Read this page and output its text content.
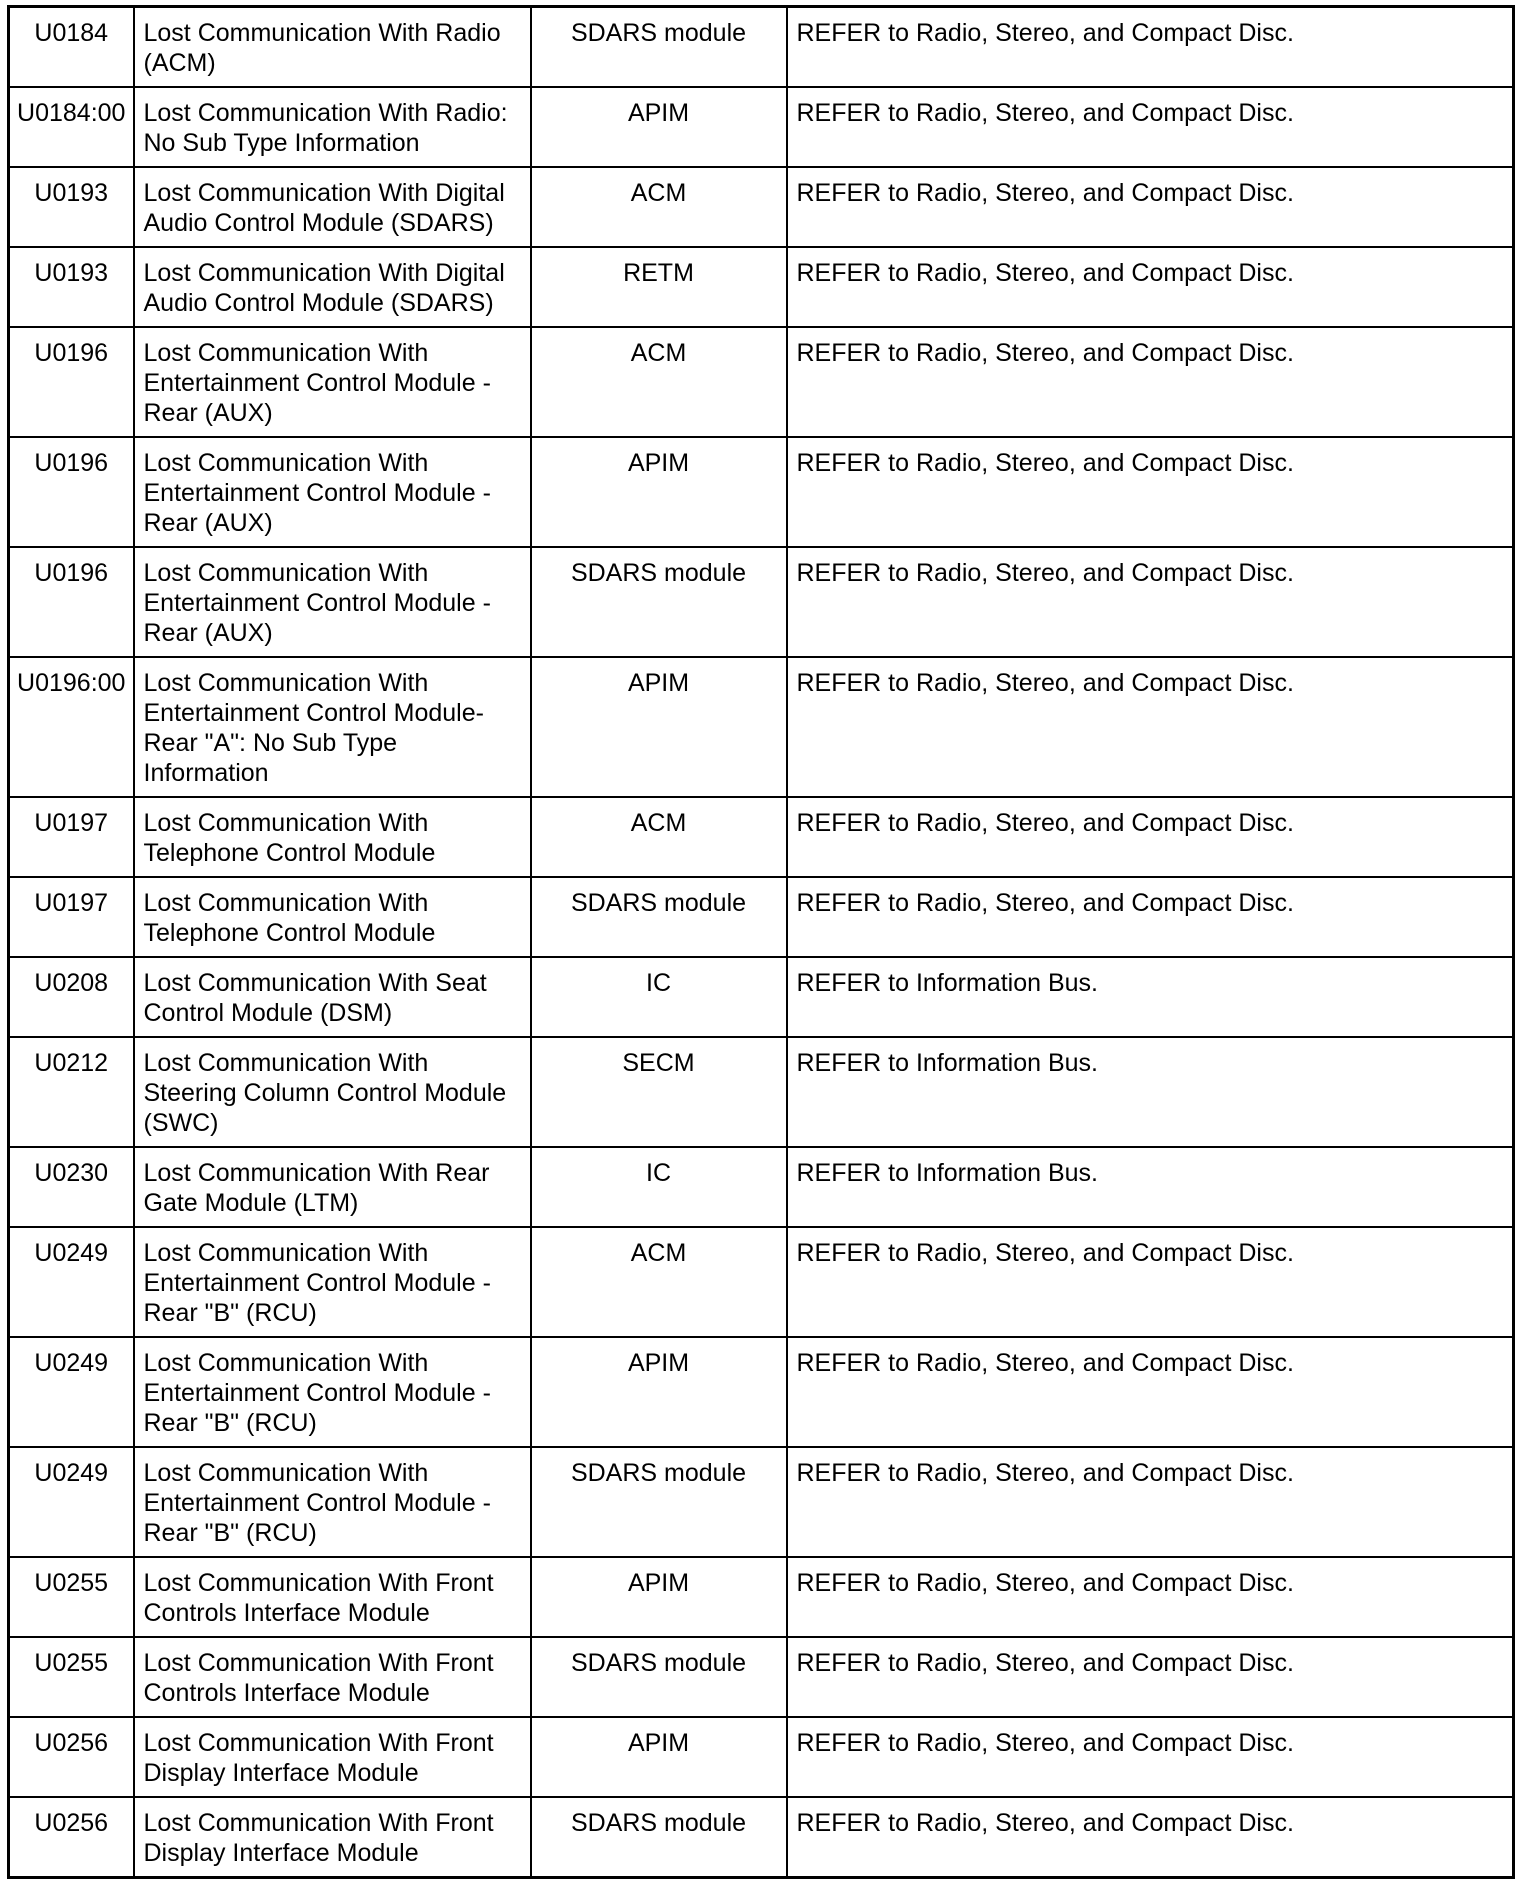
U0184	Lost Communication With Radio (ACM)	SDARS module	REFER to Radio, Stereo, and Compact Disc.
U0184:00	Lost Communication With Radio: No Sub Type Information	APIM	REFER to Radio, Stereo, and Compact Disc.
U0193	Lost Communication With Digital Audio Control Module (SDARS)	ACM	REFER to Radio, Stereo, and Compact Disc.
U0193	Lost Communication With Digital Audio Control Module (SDARS)	RETM	REFER to Radio, Stereo, and Compact Disc.
U0196	Lost Communication With Entertainment Control Module - Rear (AUX)	ACM	REFER to Radio, Stereo, and Compact Disc.
U0196	Lost Communication With Entertainment Control Module - Rear (AUX)	APIM	REFER to Radio, Stereo, and Compact Disc.
U0196	Lost Communication With Entertainment Control Module - Rear (AUX)	SDARS module	REFER to Radio, Stereo, and Compact Disc.
U0196:00	Lost Communication With Entertainment Control Module-Rear "A": No Sub Type Information	APIM	REFER to Radio, Stereo, and Compact Disc.
U0197	Lost Communication With Telephone Control Module	ACM	REFER to Radio, Stereo, and Compact Disc.
U0197	Lost Communication With Telephone Control Module	SDARS module	REFER to Radio, Stereo, and Compact Disc.
U0208	Lost Communication With Seat Control Module (DSM)	IC	REFER to Information Bus.
U0212	Lost Communication With Steering Column Control Module (SWC)	SECM	REFER to Information Bus.
U0230	Lost Communication With Rear Gate Module (LTM)	IC	REFER to Information Bus.
U0249	Lost Communication With Entertainment Control Module - Rear "B" (RCU)	ACM	REFER to Radio, Stereo, and Compact Disc.
U0249	Lost Communication With Entertainment Control Module - Rear "B" (RCU)	APIM	REFER to Radio, Stereo, and Compact Disc.
U0249	Lost Communication With Entertainment Control Module - Rear "B" (RCU)	SDARS module	REFER to Radio, Stereo, and Compact Disc.
U0255	Lost Communication With Front Controls Interface Module	APIM	REFER to Radio, Stereo, and Compact Disc.
U0255	Lost Communication With Front Controls Interface Module	SDARS module	REFER to Radio, Stereo, and Compact Disc.
U0256	Lost Communication With Front Display Interface Module	APIM	REFER to Radio, Stereo, and Compact Disc.
U0256	Lost Communication With Front Display Interface Module	SDARS module	REFER to Radio, Stereo, and Compact Disc.
